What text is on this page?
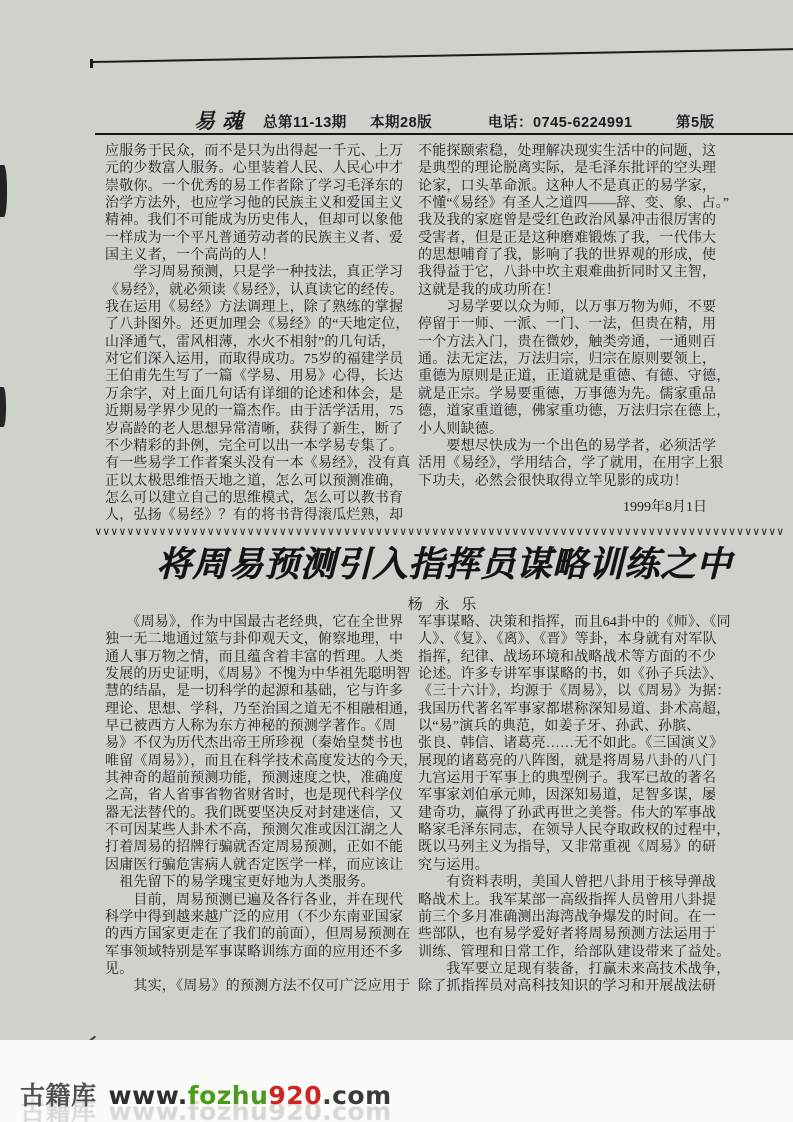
易魂 总第11-13期 本期28版	电话：0745-6224991	第5版
应服务于民众，而不是只为出得起一千元、上万
元的少数富人服务。心里装着人民、人民心中才
崇敬你。一个优秀的易工作者除了学习毛泽东的
治学方法外，也应学习他的民族主义和爱国主义
精神。我们不可能成为历史伟人，但却可以象他
一样成为一个平凡普通劳动者的民族主义者、爱
国主义者，一个高尚的人！
　　学习周易预测，只是学一种技法，真正学习
《易经》，就必须读《易经》，认真读它的经传。
我在运用《易经》方法调理上，除了熟练的掌握
了八卦图外。还更加理会《易经》的“天地定位，
山泽通气，雷风相薄，水火不相射”的几句话，
对它们深入运用，而取得成功。75岁的福建学员
王伯甫先生写了一篇《学易、用易》心得，长达
万余字，对上面几句话有详细的论述和体会，是
近期易学界少见的一篇杰作。由于活学活用，75
岁高龄的老人思想异常清晰，获得了新生，断了
不少精彩的卦例，完全可以出一本学易专集了。
有一些易学工作者案头没有一本《易经》，没有真
正以太极思维悟天地之道，怎么可以预测准确，
怎么可以建立自己的思维模式，怎么可以教书育
人，弘扬《易经》？有的将书背得滚瓜烂熟，却
不能探颐索稳，处理解决现实生活中的问题，这
是典型的理论脱离实际，是毛泽东批评的空头理
论家，口头革命派。这种人不是真正的易学家，
不懂“《易经》有圣人之道四——辞、变、象、占。”
我及我的家庭曾是受红色政治风暴冲击很厉害的
受害者，但是正是这种磨难锻炼了我，一代伟大
的思想哺育了我，影响了我的世界观的形成，使
我得益于它，八卦中坎主艰难曲折同时又主智，
这就是我的成功所在！
　　习易学要以众为师，以万事万物为师，不要
停留于一师、一派、一门、一法，但贵在精，用
一个方法入门，贵在微妙，触类旁通，一通则百
通。法无定法，万法归宗，归宗在原则要领上，
重德为原则是正道，正道就是重德、有德、守德，
就是正宗。学易要重德，万事德为先。儒家重品
德，道家重道德，佛家重功德，万法归宗在德上，
小人则缺德。
　　要想尽快成为一个出色的易学者，必须活学
活用《易经》，学用结合，学了就用，在用字上狠
下功夫，必然会很快取得立竿见影的成功！
1999年8月1日
∨∨∨∨∨∨∨∨∨∨∨∨∨∨∨∨∨∨∨∨∨∨∨∨∨∨∨∨∨∨∨∨∨∨∨∨∨∨∨∨∨∨∨∨∨∨∨∨∨∨∨∨∨∨∨∨∨∨∨∨∨∨∨∨∨∨∨∨∨∨∨∨∨∨∨∨∨∨∨∨∨∨∨∨∨∨
将周易预测引入指挥员谋略训练之中
杨 永 乐
　　《周易》，作为中国最古老经典，它在全世界
独一无二地通过筮与卦仰观天文，俯察地理，中
通人事万物之情，而且蕴含着丰富的哲理。人类
发展的历史证明，《周易》不愧为中华祖先聪明智
慧的结晶，是一切科学的起源和基础，它与许多
理论、思想、学科，乃至治国之道无不相融相通，
早已被西方人称为东方神秘的预测学著作。《周
易》不仅为历代杰出帝王所珍视（秦始皇焚书也
唯留《周易》），而且在科学技术高度发达的今天，
其神奇的超前预测功能，预测速度之快，准确度
之高，省人省事省物省财省时，也是现代科学仪
器无法替代的。我们既要坚决反对封建迷信，又
不可因某些人卦术不高，预测欠准或因江湖之人
打着周易的招牌行骗就否定周易预测，正如不能
因庸医行骗危害病人就否定医学一样，而应该让
　祖先留下的易学瑰宝更好地为人类服务。
　　目前，周易预测已遍及各行各业，并在现代
科学中得到越来越广泛的应用（不少东南亚国家
的西方国家更走在了我们的前面），但周易预测在
军事领域特别是军事谋略训练方面的应用还不多
见。
　　其实，《周易》的预测方法不仅可广泛应用于
军事谋略、决策和指挥，而且64卦中的《师》、《同
人》、《复》、《离》、《晋》等卦，本身就有对军队
指挥，纪律、战场环境和战略战术等方面的不少
论述。许多专讲军事谋略的书，如《孙子兵法》、
《三十六计》，均源于《周易》，以《周易》为据：
我国历代著名军事家都堪称深知易道、卦术高超，
以“易”演兵的典范，如姜子牙、孙武、孙膑、
张良、韩信、诸葛亮……无不如此。《三国演义》
展现的诸葛亮的八阵图，就是将周易八卦的八门
九宫运用于军事上的典型例子。我军已故的著名
军事家刘伯承元帅，因深知易道，足智多谋，屡
建奇功，赢得了孙武再世之美誉。伟大的军事战
略家毛泽东同志，在领导人民夺取政权的过程中，
既以马列主义为指导，又非常重视《周易》的研
究与运用。
　　有资料表明，美国人曾把八卦用于核导弹战
略战术上。我军某部一高级指挥人员曾用八卦提
前三个多月准确测出海湾战争爆发的时间。在一
些部队，也有易学爱好者将周易预测方法运用于
训练、管理和日常工作，给部队建设带来了益处。
　　我军要立足现有装备，打赢未来高技术战争，
除了抓指挥员对高科技知识的学习和开展战法研
古籍库 www.fozhu920.com
